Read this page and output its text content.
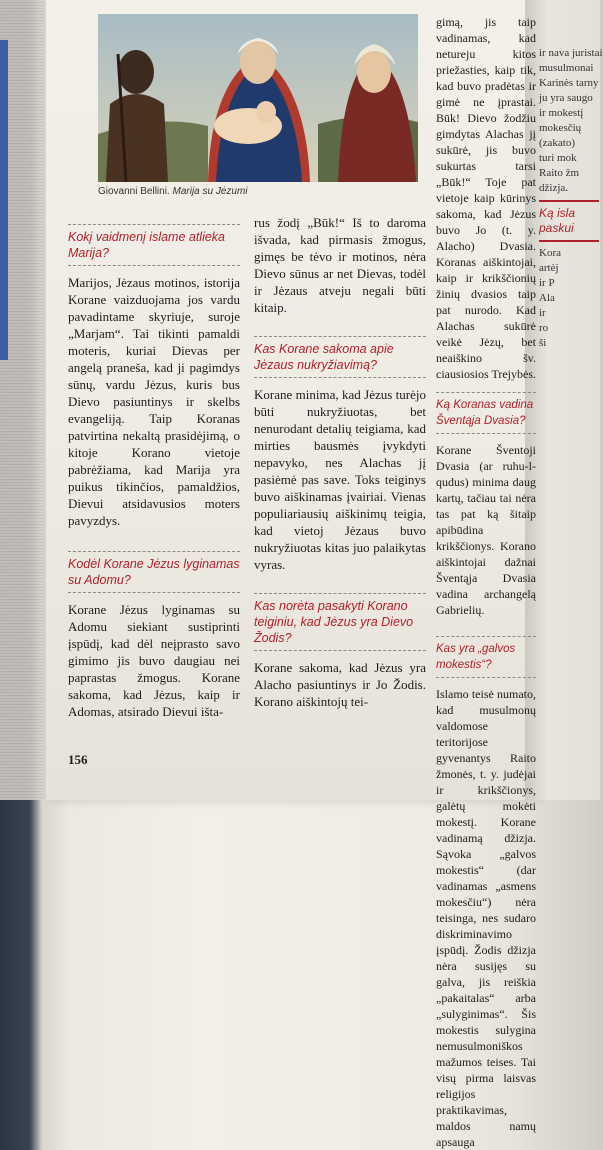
ir nava juristai
musulmonai
Karinės tarny
ju yra saugo
ir mokestį
mokesčių
(zakato)
turi mok
Raito žm
džizja.
Ką isla paskui
Kora
artėj
ir P
Ala
ir
ro
ši
Giovanni Bellini. Marija su Jėzumi
Kokį vaidmenį islame atlieka Marija?

Marijos, Jėzaus motinos, istorija Korane vaizduojama jos vardu pavadintame skyriuje, suroje „Marjam“. Tai tikinti pamaldi moteris, kuriai Dievas per angelą praneša, kad ji pagimdys sūnų, vardu Jėzus, kuris bus Dievo pasiuntinys ir skelbs evangeliją. Taip Koranas patvirtina nekaltą prasidėjimą, o kitoje Korano vietoje pabrėžiama, kad Marija yra puikus tikinčios, pamaldžios, Dievui atsidavusios moters pavyzdys.

Kodėl Korane Jėzus lyginamas su Adomu?

Korane Jėzus lyginamas su Adomu siekiant sustiprinti įspūdį, kad dėl neįprasto savo gimimo jis buvo daugiau nei paprastas žmogus. Korane sakoma, kad Jėzus, kaip ir Adomas, atsirado Dievui išta-

rus žodį „Būk!“ Iš to daroma išvada, kad pirmasis žmogus, gimęs be tėvo ir motinos, nėra Dievo sūnus ar net Dievas, todėl ir Jėzaus atveju negali būti kitaip.

Kas Korane sakoma apie Jėzaus nukryžiavimą?

Korane minima, kad Jėzus turėjo būti nukryžiuotas, bet nenurodant detalių teigiama, kad mirties bausmės įvykdyti nepavyko, nes Alachas jį pasiėmė pas save. Toks teiginys buvo aiškinamas įvairiai. Vienas populiariausių aiškinimų teigia, kad vietoj Jėzaus buvo nukryžiuotas kitas juo palaikytas vyras.

Kas norėta pasakyti Korano teiginiu, kad Jėzus yra Dievo Žodis?

Korane sakoma, kad Jėzus yra Alacho pasiuntinys ir Jo Žodis. Korano aiškintojų tei-

gimą, jis taip vadinamas, kad netureju kitos priežasties, kaip tik, kad buvo pradėtas ir gimė ne įprastai. Būk! Dievo žodžiu gimdytas Alachas jį sukūrė, jis buvo sukurtas tarsi „Būk!“ Toje pat vietoje kaip kūrinys sakoma, kad Jėzus buvo Jo (t. y. Alacho) Dvasia. Koranas aiškintojai, kaip ir krikščionių žinių dvasios taip pat nurodo. Kad Alachas sukūrė veikė Jėzų, bet neaiškino šv. ciausiosios Trejybės.

Ką Koranas vadina Šventąja Dvasia?

Korane Šventoji Dvasia (ar ruhu-l-qudus) minima daug kartų, tačiau tai nėra tas pat ką šitaip apibūdina krikščionys. Korano aiškintojai dažnai Šventąja Dvasia vadina archangelą Gabrielių.

Kas yra „galvos mokestis“?

Islamo teisė numato, kad musulmonų valdomose teritorijose gyvenantys Raito žmonės, t. y. judėjai ir krikščionys, galėtų mokėti mokestį. Korane vadinamą džizja. Sąvoka „galvos mokestis“ (dar vadinamas „asmens mokesčiu“) nėra teisinga, nes sudaro diskriminavimo įspūdį. Žodis džizja nėra susijęs su galva, jis reiškia „pakaitalas“ arba „sulyginimas“. Šis mokestis sulygina nemusulmoniškos mažumos teises. Tai visų pirma laisvas religijos praktikavimas, maldos namų apsauga

156
